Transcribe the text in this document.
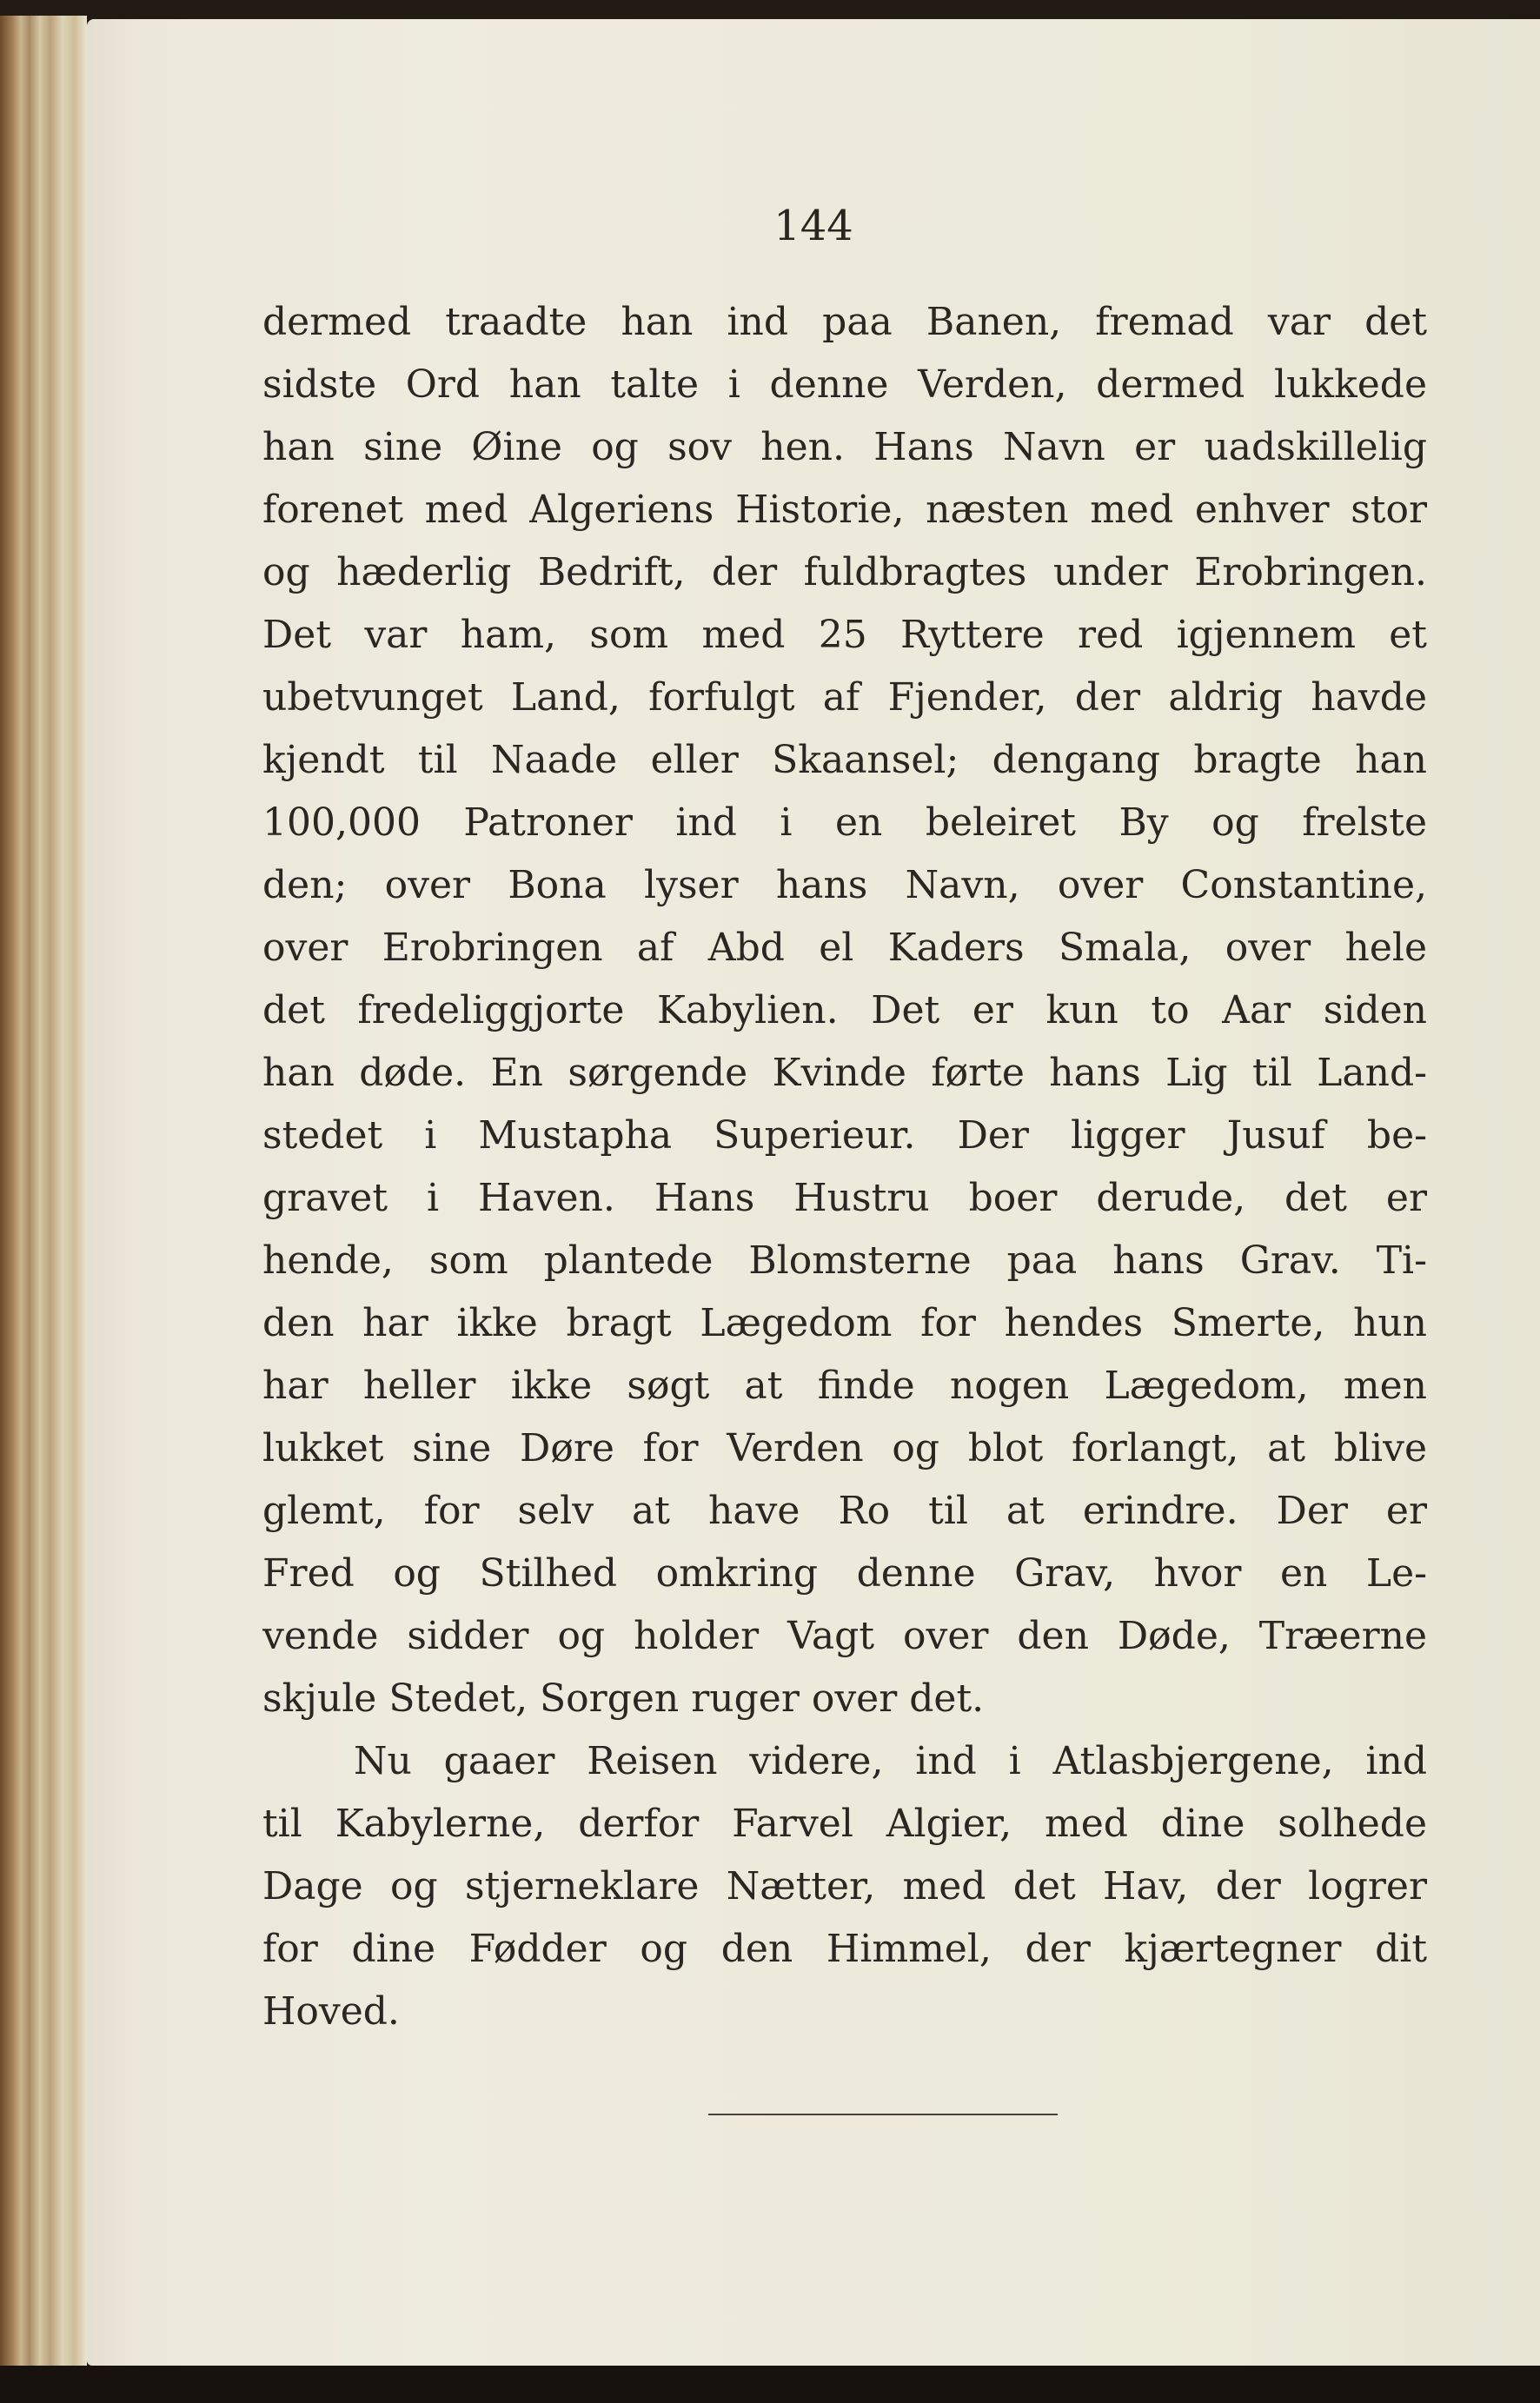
144

dermed traadte han ind paa Banen, fremad var det
sidste Ord han talte i denne Verden, dermed lukkede
han sine Øine og sov hen. Hans Navn er uadskillelig
forenet med Algeriens Historie, næsten med enhver stor
og hæderlig Bedrift, der fuldbragtes under Erobringen.
Det var ham, som med 25 Ryttere red igjennem et
ubetvunget Land, forfulgt af Fjender, der aldrig havde
kjendt til Naade eller Skaansel; dengang bragte han
100,000 Patroner ind i en beleiret By og frelste
den; over Bona lyser hans Navn, over Constantine,
over Erobringen af Abd el Kaders Smala, over hele
det fredeliggjorte Kabylien. Det er kun to Aar siden
han døde. En sørgende Kvinde førte hans Lig til Land-
stedet i Mustapha Superieur. Der ligger Jusuf be-
gravet i Haven. Hans Hustru boer derude, det er
hende, som plantede Blomsterne paa hans Grav. Ti-
den har ikke bragt Lægedom for hendes Smerte, hun
har heller ikke søgt at finde nogen Lægedom, men
lukket sine Døre for Verden og blot forlangt, at blive
glemt, for selv at have Ro til at erindre. Der er
Fred og Stilhed omkring denne Grav, hvor en Le-
vende sidder og holder Vagt over den Døde, Træerne
skjule Stedet, Sorgen ruger over det.
Nu gaaer Reisen videre, ind i Atlasbjergene, ind
til Kabylerne, derfor Farvel Algier, med dine solhede
Dage og stjerneklare Nætter, med det Hav, der logrer
for dine Fødder og den Himmel, der kjærtegner dit
Hoved.
